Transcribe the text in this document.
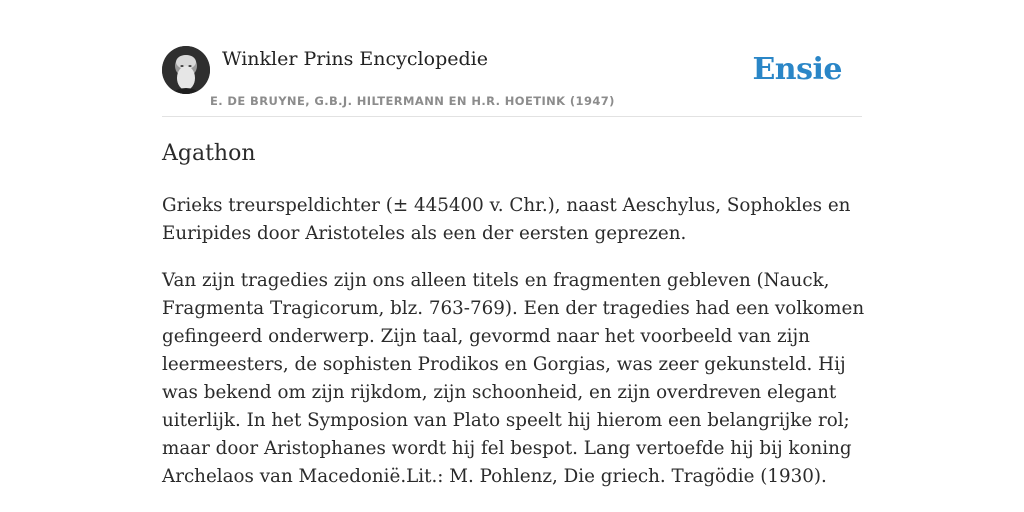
Winkler Prins Encyclopedie
E. DE BRUYNE, G.B.J. HILTERMANN EN H.R. HOETINK (1947)
Ensie
Agathon

Grieks treurspeldichter (± 445400 v. Chr.), naast Aeschylus, Sophokles en Euripides door Aristoteles als een der eersten geprezen.

Van zijn tragedies zijn ons alleen titels en fragmenten gebleven (Nauck, Fragmenta Tragicorum, blz. 763-769). Een der tragedies had een volkomen gefingeerd onderwerp. Zijn taal, gevormd naar het voorbeeld van zijn leermeesters, de sophisten Prodikos en Gorgias, was zeer gekunsteld. Hij was bekend om zijn rijkdom, zijn schoonheid, en zijn overdreven elegant uiterlijk. In het Symposion van Plato speelt hij hierom een belangrijke rol; maar door Aristophanes wordt hij fel bespot. Lang vertoefde hij bij koning Archelaos van Macedonië.Lit.: M. Pohlenz, Die griech. Tragödie (1930).
